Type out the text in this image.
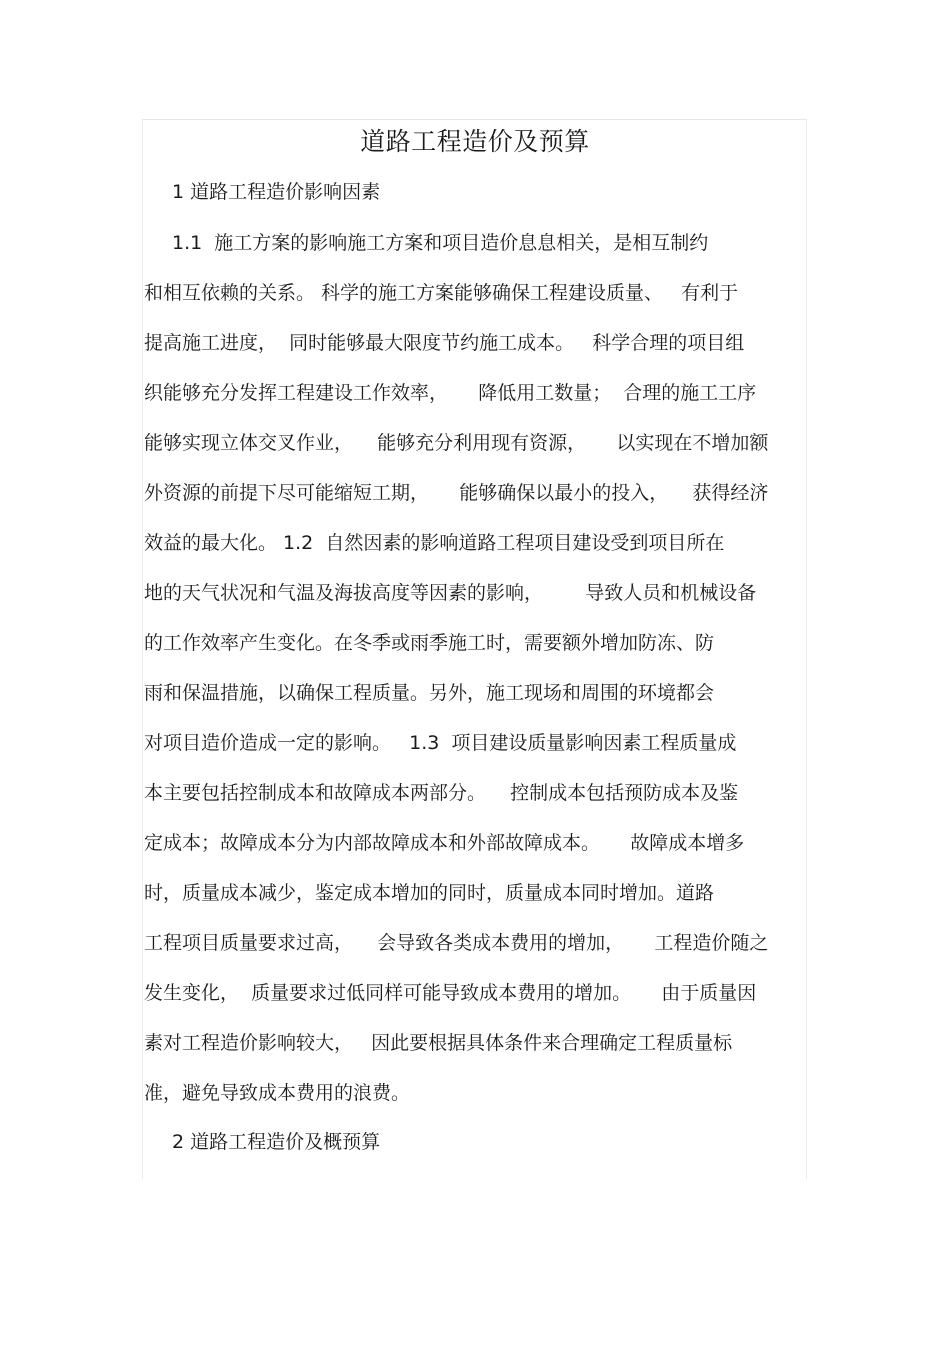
道路工程造价及预算
1 道路工程造价影响因素
1.1  施工方案的影响施工方案和项目造价息息相关，是相互制约
和相互依赖的关系。 科学的施工方案能够确保工程建设质量、   有利于
提高施工进度，  同时能够最大限度节约施工成本。   科学合理的项目组
织能够充分发挥工程建设工作效率，     降低用工数量；  合理的施工工序
能够实现立体交叉作业，    能够充分利用现有资源，     以实现在不增加额
外资源的前提下尽可能缩短工期，     能够确保以最小的投入，    获得经济
效益的最大化。 1.2  自然因素的影响道路工程项目建设受到项目所在
地的天气状况和气温及海拔高度等因素的影响，       导致人员和机械设备
的工作效率产生变化。在冬季或雨季施工时，需要额外增加防冻、防
雨和保温措施，以确保工程质量。另外，施工现场和周围的环境都会
对项目造价造成一定的影响。   1.3  项目建设质量影响因素工程质量成
本主要包括控制成本和故障成本两部分。    控制成本包括预防成本及鉴
定成本；故障成本分为内部故障成本和外部故障成本。     故障成本增多
时，质量成本减少，鉴定成本增加的同时，质量成本同时增加。道路
工程项目质量要求过高，    会导致各类成本费用的增加，     工程造价随之
发生变化，  质量要求过低同样可能导致成本费用的增加。     由于质量因
素对工程造价影响较大，   因此要根据具体条件来合理确定工程质量标
准，避免导致成本费用的浪费。
2 道路工程造价及概预算
